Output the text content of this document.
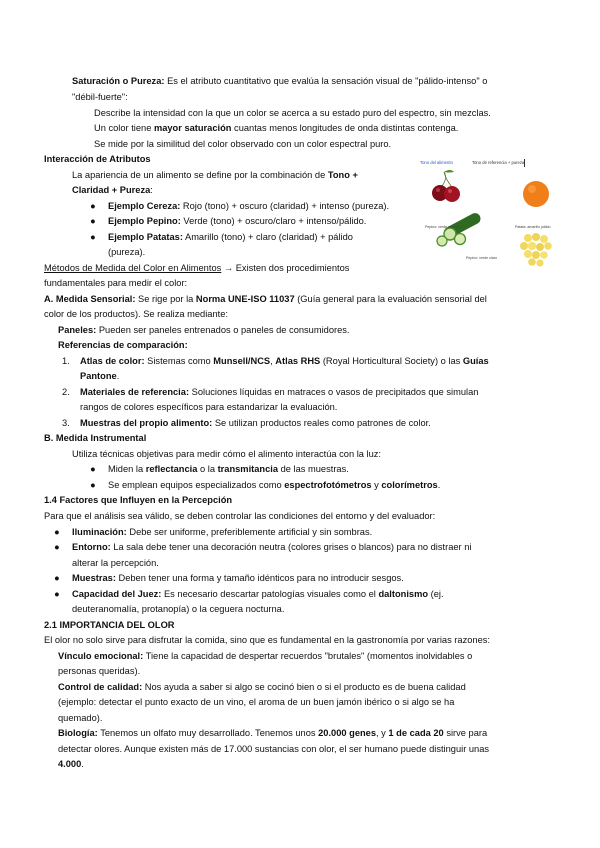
Saturación o Pureza: Es el atributo cuantitativo que evalúa la sensación visual de "pálido-intenso" o
"débil-fuerte":
Describe la intensidad con la que un color se acerca a su estado puro del espectro, sin mezclas.
Un color tiene mayor saturación cuantas menos longitudes de onda distintas contenga.
Se mide por la similitud del color observado con un color espectral puro.
Interacción de Atributos
La apariencia de un alimento se define por la combinación de Tono +
Claridad + Pureza:
● Ejemplo Cereza: Rojo (tono) + oscuro (claridad) + intenso (pureza).
● Ejemplo Pepino: Verde (tono) + oscuro/claro + intenso/pálido.
● Ejemplo Patatas: Amarillo (tono) + claro (claridad) + pálido
(pureza).
Tono del alimento	Tono de referencia + pureza
Pepino: verde oscuro
Pepino: verde claro
Patata: amarillo pálido
Métodos de Medida del Color en Alimentos → Existen dos procedimientos
fundamentales para medir el color:
A. Medida Sensorial: Se rige por la Norma UNE-ISO 11037 (Guía general para la evaluación sensorial del
color de los productos). Se realiza mediante:
Paneles: Pueden ser paneles entrenados o paneles de consumidores.
Referencias de comparación:
1. Atlas de color: Sistemas como Munsell/NCS, Atlas RHS (Royal Horticultural Society) o las Guías
Pantone.
2. Materiales de referencia: Soluciones líquidas en matraces o vasos de precipitados que simulan
rangos de colores específicos para estandarizar la evaluación.
3. Muestras del propio alimento: Se utilizan productos reales como patrones de color.
B. Medida Instrumental
Utiliza técnicas objetivas para medir cómo el alimento interactúa con la luz:
● Miden la reflectancia o la transmitancia de las muestras.
● Se emplean equipos especializados como espectrofotómetros y colorímetros.
1.4 Factores que Influyen en la Percepción
Para que el análisis sea válido, se deben controlar las condiciones del entorno y del evaluador:
● Iluminación: Debe ser uniforme, preferiblemente artificial y sin sombras.
● Entorno: La sala debe tener una decoración neutra (colores grises o blancos) para no distraer ni
alterar la percepción.
● Muestras: Deben tener una forma y tamaño idénticos para no introducir sesgos.
● Capacidad del Juez: Es necesario descartar patologías visuales como el daltonismo (ej.
deuteranomalía, protanopía) o la ceguera nocturna.
2.1 IMPORTANCIA DEL OLOR
El olor no solo sirve para disfrutar la comida, sino que es fundamental en la gastronomía por varias razones:
Vínculo emocional: Tiene la capacidad de despertar recuerdos "brutales" (momentos inolvidables o
personas queridas).
Control de calidad: Nos ayuda a saber si algo se cocinó bien o si el producto es de buena calidad
(ejemplo: detectar el punto exacto de un vino, el aroma de un buen jamón ibérico o si algo se ha
quemado).
Biología: Tenemos un olfato muy desarrollado. Tenemos unos 20.000 genes, y 1 de cada 20 sirve para
detectar olores. Aunque existen más de 17.000 sustancias con olor, el ser humano puede distinguir unas
4.000.
